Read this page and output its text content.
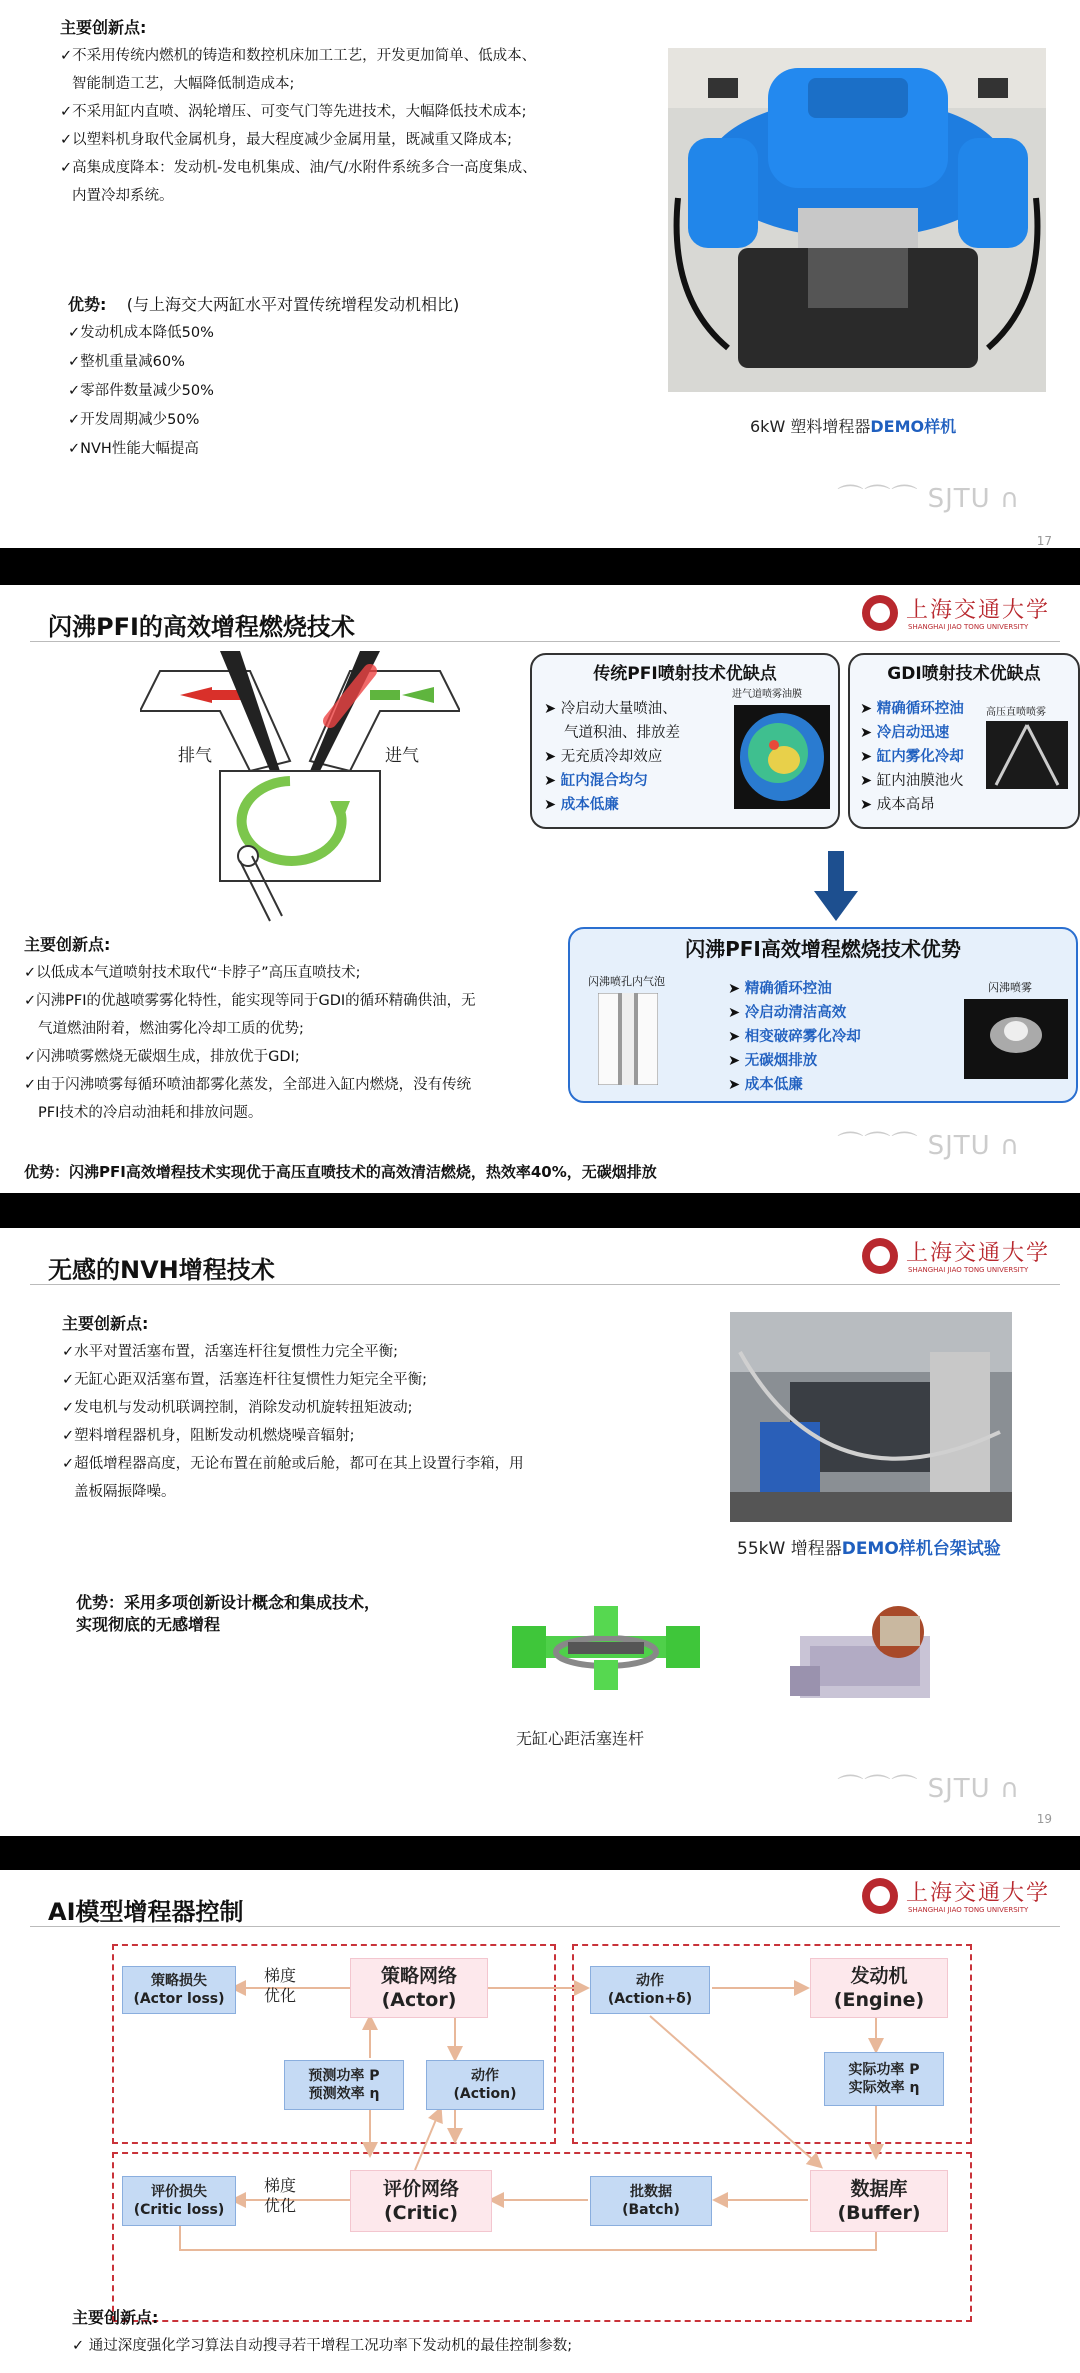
主要创新点:
✓不采用传统内燃机的铸造和数控机床加工工艺，开发更加简单、低成本、
智能制造工艺，大幅降低制造成本;
✓不采用缸内直喷、涡轮增压、可变气门等先进技术，大幅降低技术成本;
✓以塑料机身取代金属机身，最大程度减少金属用量，既减重又降成本;
✓高集成度降本：发动机-发电机集成、油/气/水附件系统多合一高度集成、
内置冷却系统。
优势: (与上海交大两缸水平对置传统增程发动机相比)
✓发动机成本降低50%
✓整机重量减60%
✓零部件数量减少50%
✓开发周期减少50%
✓NVH性能大幅提高
6kW 塑料增程器DEMO样机
⌒⌒⌒ SJTU ∩
17
闪沸PFI的高效增程燃烧技术
上海交通大学
SHANGHAI JIAO TONG UNIVERSITY
排气	进气
传统PFI喷射技术优缺点
➤ 冷启动大量喷油、
气道积油、排放差
➤ 无充质冷却效应
➤ 缸内混合均匀
➤ 成本低廉
进气道喷雾油膜
GDI喷射技术优缺点
➤ 精确循环控油
➤ 冷启动迅速
➤ 缸内雾化冷却
➤ 缸内油膜池火
➤ 成本高昂
高压直喷喷雾
闪沸PFI高效增程燃烧技术优势
闪沸喷孔内气泡	➤ 精确循环控油
➤ 冷启动清洁高效
➤ 相变破碎雾化冷却
➤ 无碳烟排放
➤ 成本低廉
闪沸喷雾
主要创新点:
✓以低成本气道喷射技术取代“卡脖子”高压直喷技术;
✓闪沸PFI的优越喷雾雾化特性，能实现等同于GDI的循环精确供油，无
气道燃油附着，燃油雾化冷却工质的优势;
✓闪沸喷雾燃烧无碳烟生成，排放优于GDI;
✓由于闪沸喷雾每循环喷油都雾化蒸发，全部进入缸内燃烧，没有传统
PFI技术的冷启动油耗和排放问题。
⌒⌒⌒ SJTU ∩
优势：闪沸PFI高效增程技术实现优于高压直喷技术的高效清洁燃烧，热效率40%，无碳烟排放
无感的NVH增程技术
上海交通大学
SHANGHAI JIAO TONG UNIVERSITY
主要创新点:
✓水平对置活塞布置，活塞连杆往复惯性力完全平衡;
✓无缸心距双活塞布置，活塞连杆往复惯性力矩完全平衡;
✓发电机与发动机联调控制，消除发动机旋转扭矩波动;
✓塑料增程器机身，阻断发动机燃烧噪音辐射;
✓超低增程器高度，无论布置在前舱或后舱，都可在其上设置行李箱，用
盖板隔振降噪。
55kW 增程器DEMO样机台架试验
优势：采用多项创新设计概念和集成技术，
实现彻底的无感增程
无缸心距活塞连杆
⌒⌒⌒ SJTU ∩
19
AI模型增程器控制
上海交通大学
SHANGHAI JIAO TONG UNIVERSITY
策略损失
(Actor loss)
梯度
优化
策略网络
(Actor)
动作
(Action+δ)
发动机
(Engine)
预测功率 P
预测效率 η
动作
(Action)
实际功率 P
实际效率 η
评价损失
(Critic loss)
梯度
优化
评价网络
(Critic)
批数据
(Batch)
数据库
(Buffer)
主要创新点:
✓ 通过深度强化学习算法自动搜寻若干增程工况功率下发动机的最佳控制参数;
